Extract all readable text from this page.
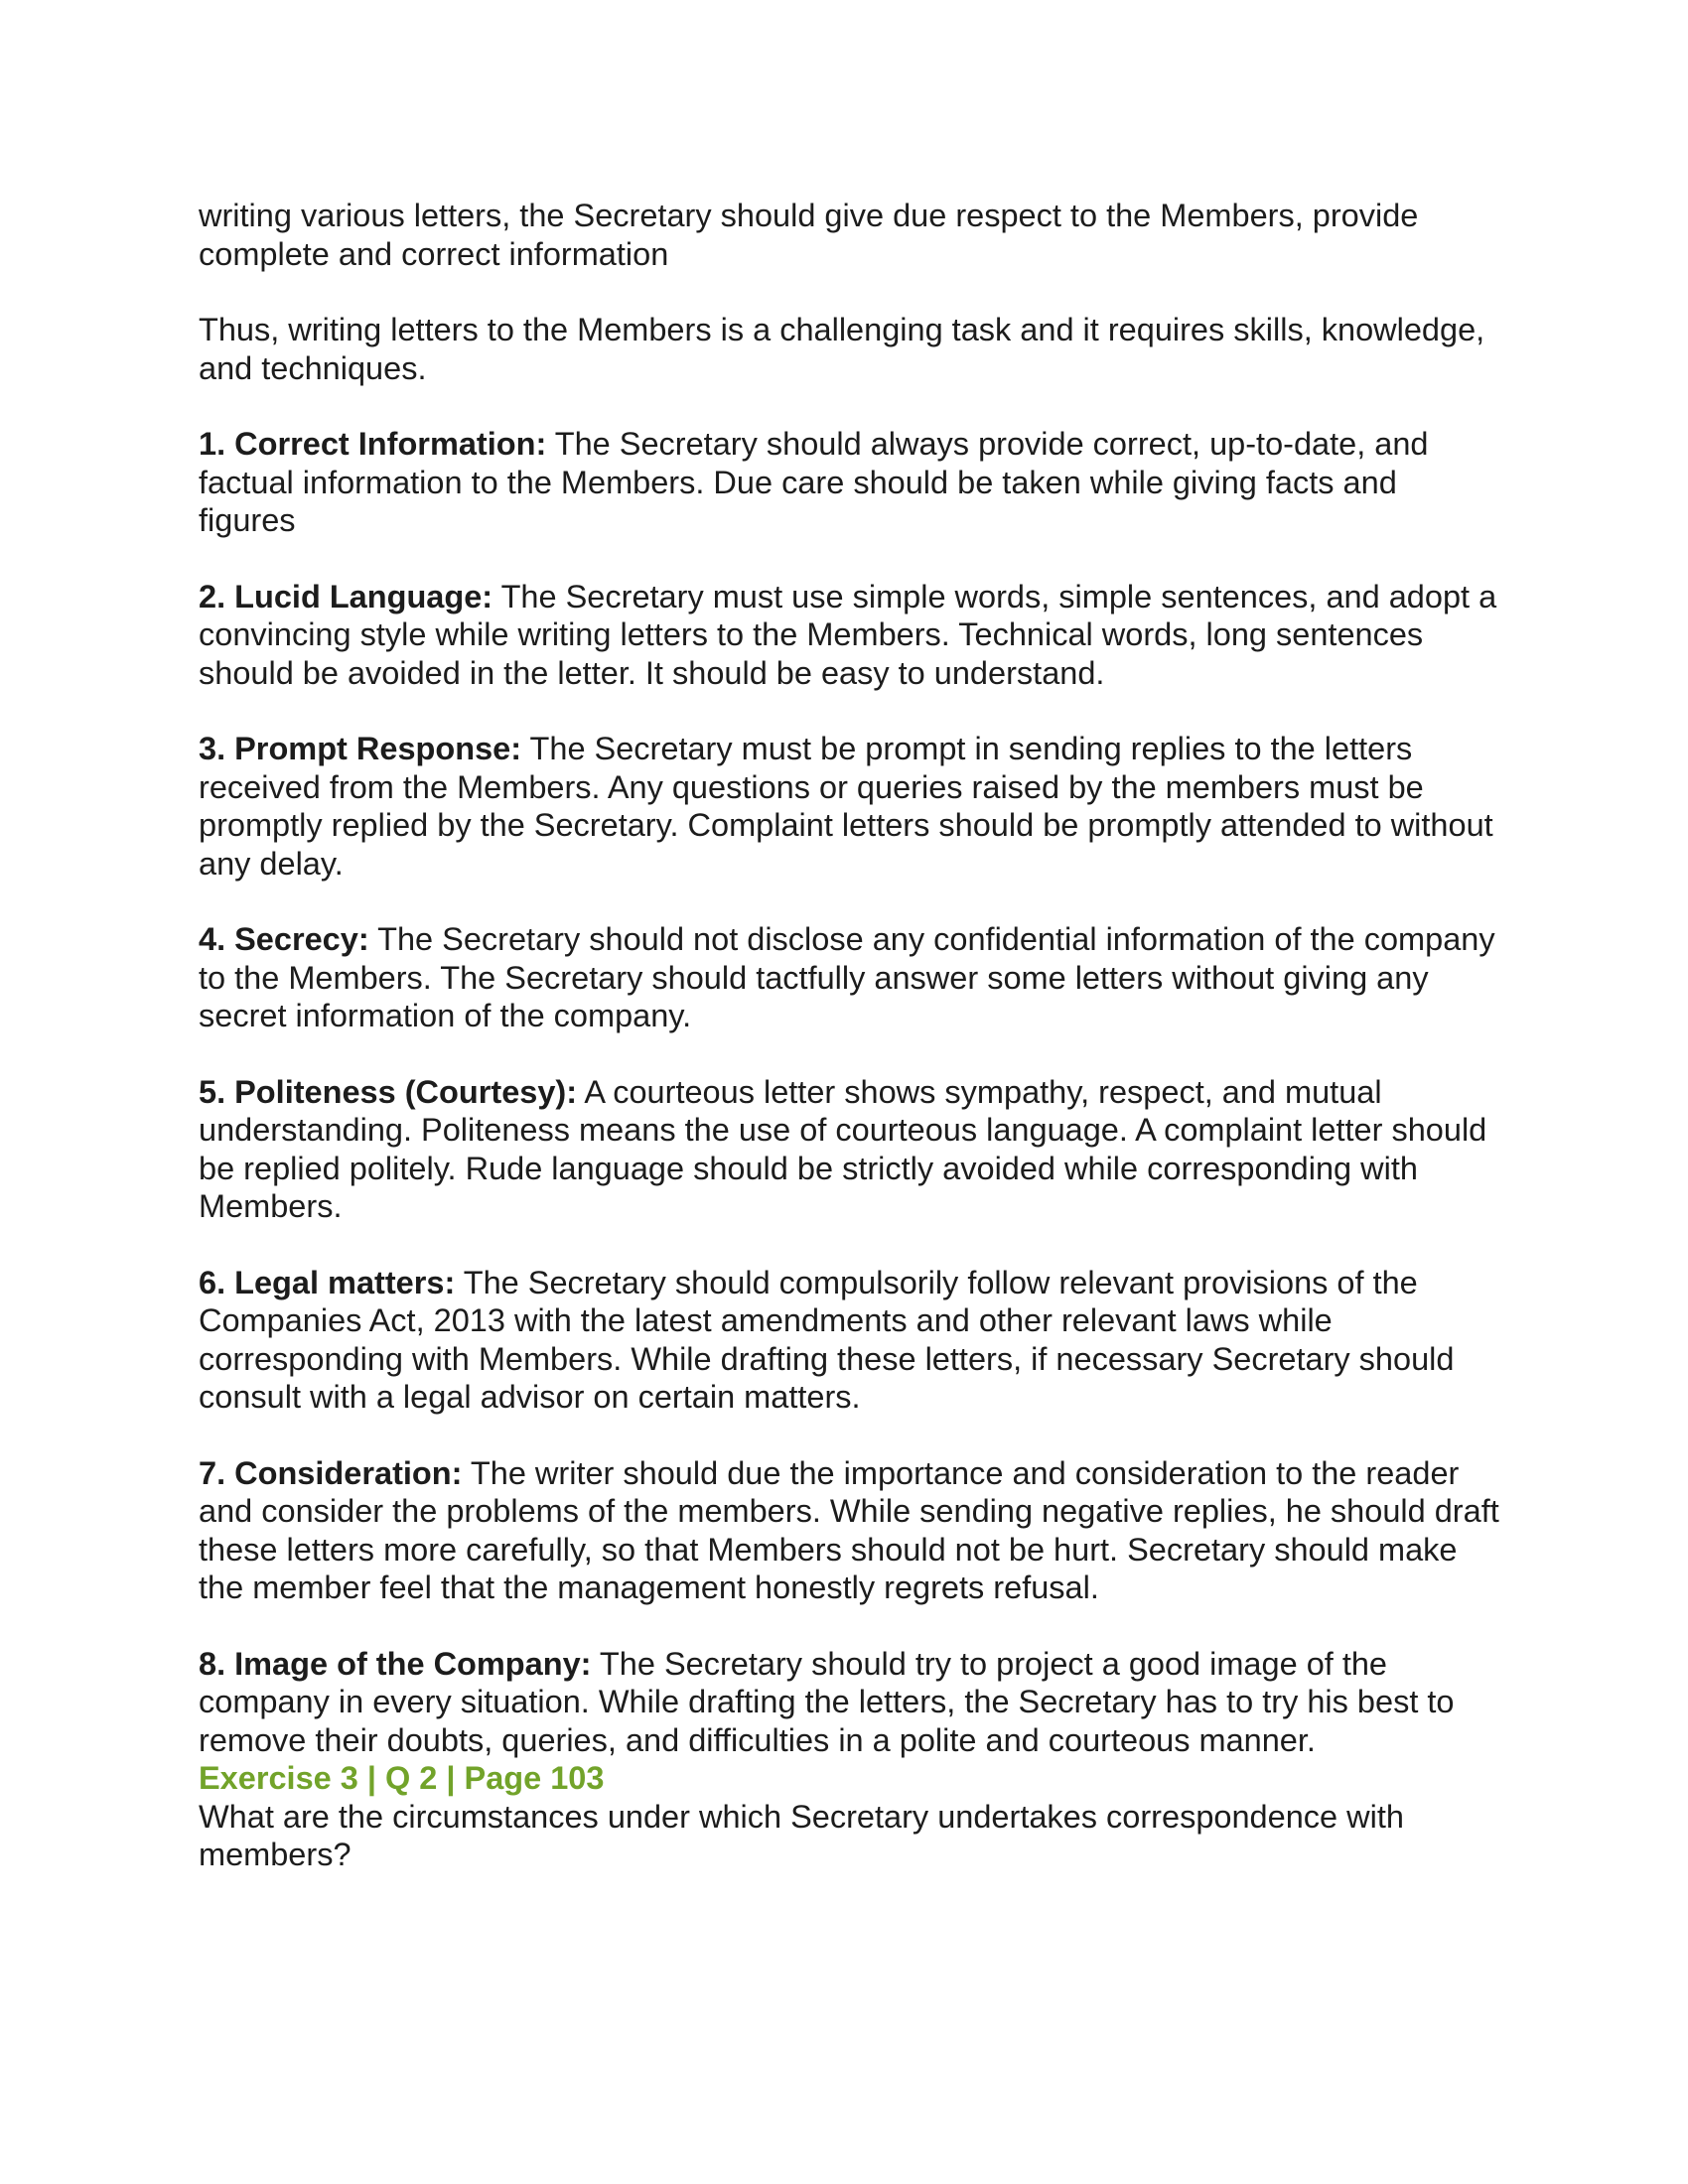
writing various letters, the Secretary should give due respect to the Members, provide complete and correct information

Thus, writing letters to the Members is a challenging task and it requires skills, knowledge, and techniques.

1. Correct Information: The Secretary should always provide correct, up-to-date, and factual information to the Members. Due care should be taken while giving facts and figures

2. Lucid Language: The Secretary must use simple words, simple sentences, and adopt a convincing style while writing letters to the Members. Technical words, long sentences should be avoided in the letter. It should be easy to understand.

3. Prompt Response: The Secretary must be prompt in sending replies to the letters received from the Members. Any questions or queries raised by the members must be promptly replied by the Secretary. Complaint letters should be promptly attended to without any delay.

4. Secrecy: The Secretary should not disclose any confidential information of the company to the Members. The Secretary should tactfully answer some letters without giving any secret information of the company.

5. Politeness (Courtesy): A courteous letter shows sympathy, respect, and mutual understanding. Politeness means the use of courteous language. A complaint letter should be replied politely. Rude language should be strictly avoided while corresponding with Members.

6. Legal matters: The Secretary should compulsorily follow relevant provisions of the Companies Act, 2013 with the latest amendments and other relevant laws while corresponding with Members. While drafting these letters, if necessary Secretary should consult with a legal advisor on certain matters.

7. Consideration: The writer should due the importance and consideration to the reader and consider the problems of the members. While sending negative replies, he should draft these letters more carefully, so that Members should not be hurt. Secretary should make the member feel that the management honestly regrets refusal.

8. Image of the Company: The Secretary should try to project a good image of the company in every situation. While drafting the letters, the Secretary has to try his best to remove their doubts, queries, and difficulties in a polite and courteous manner.

Exercise 3 | Q 2 | Page 103
What are the circumstances under which Secretary undertakes correspondence with members?
